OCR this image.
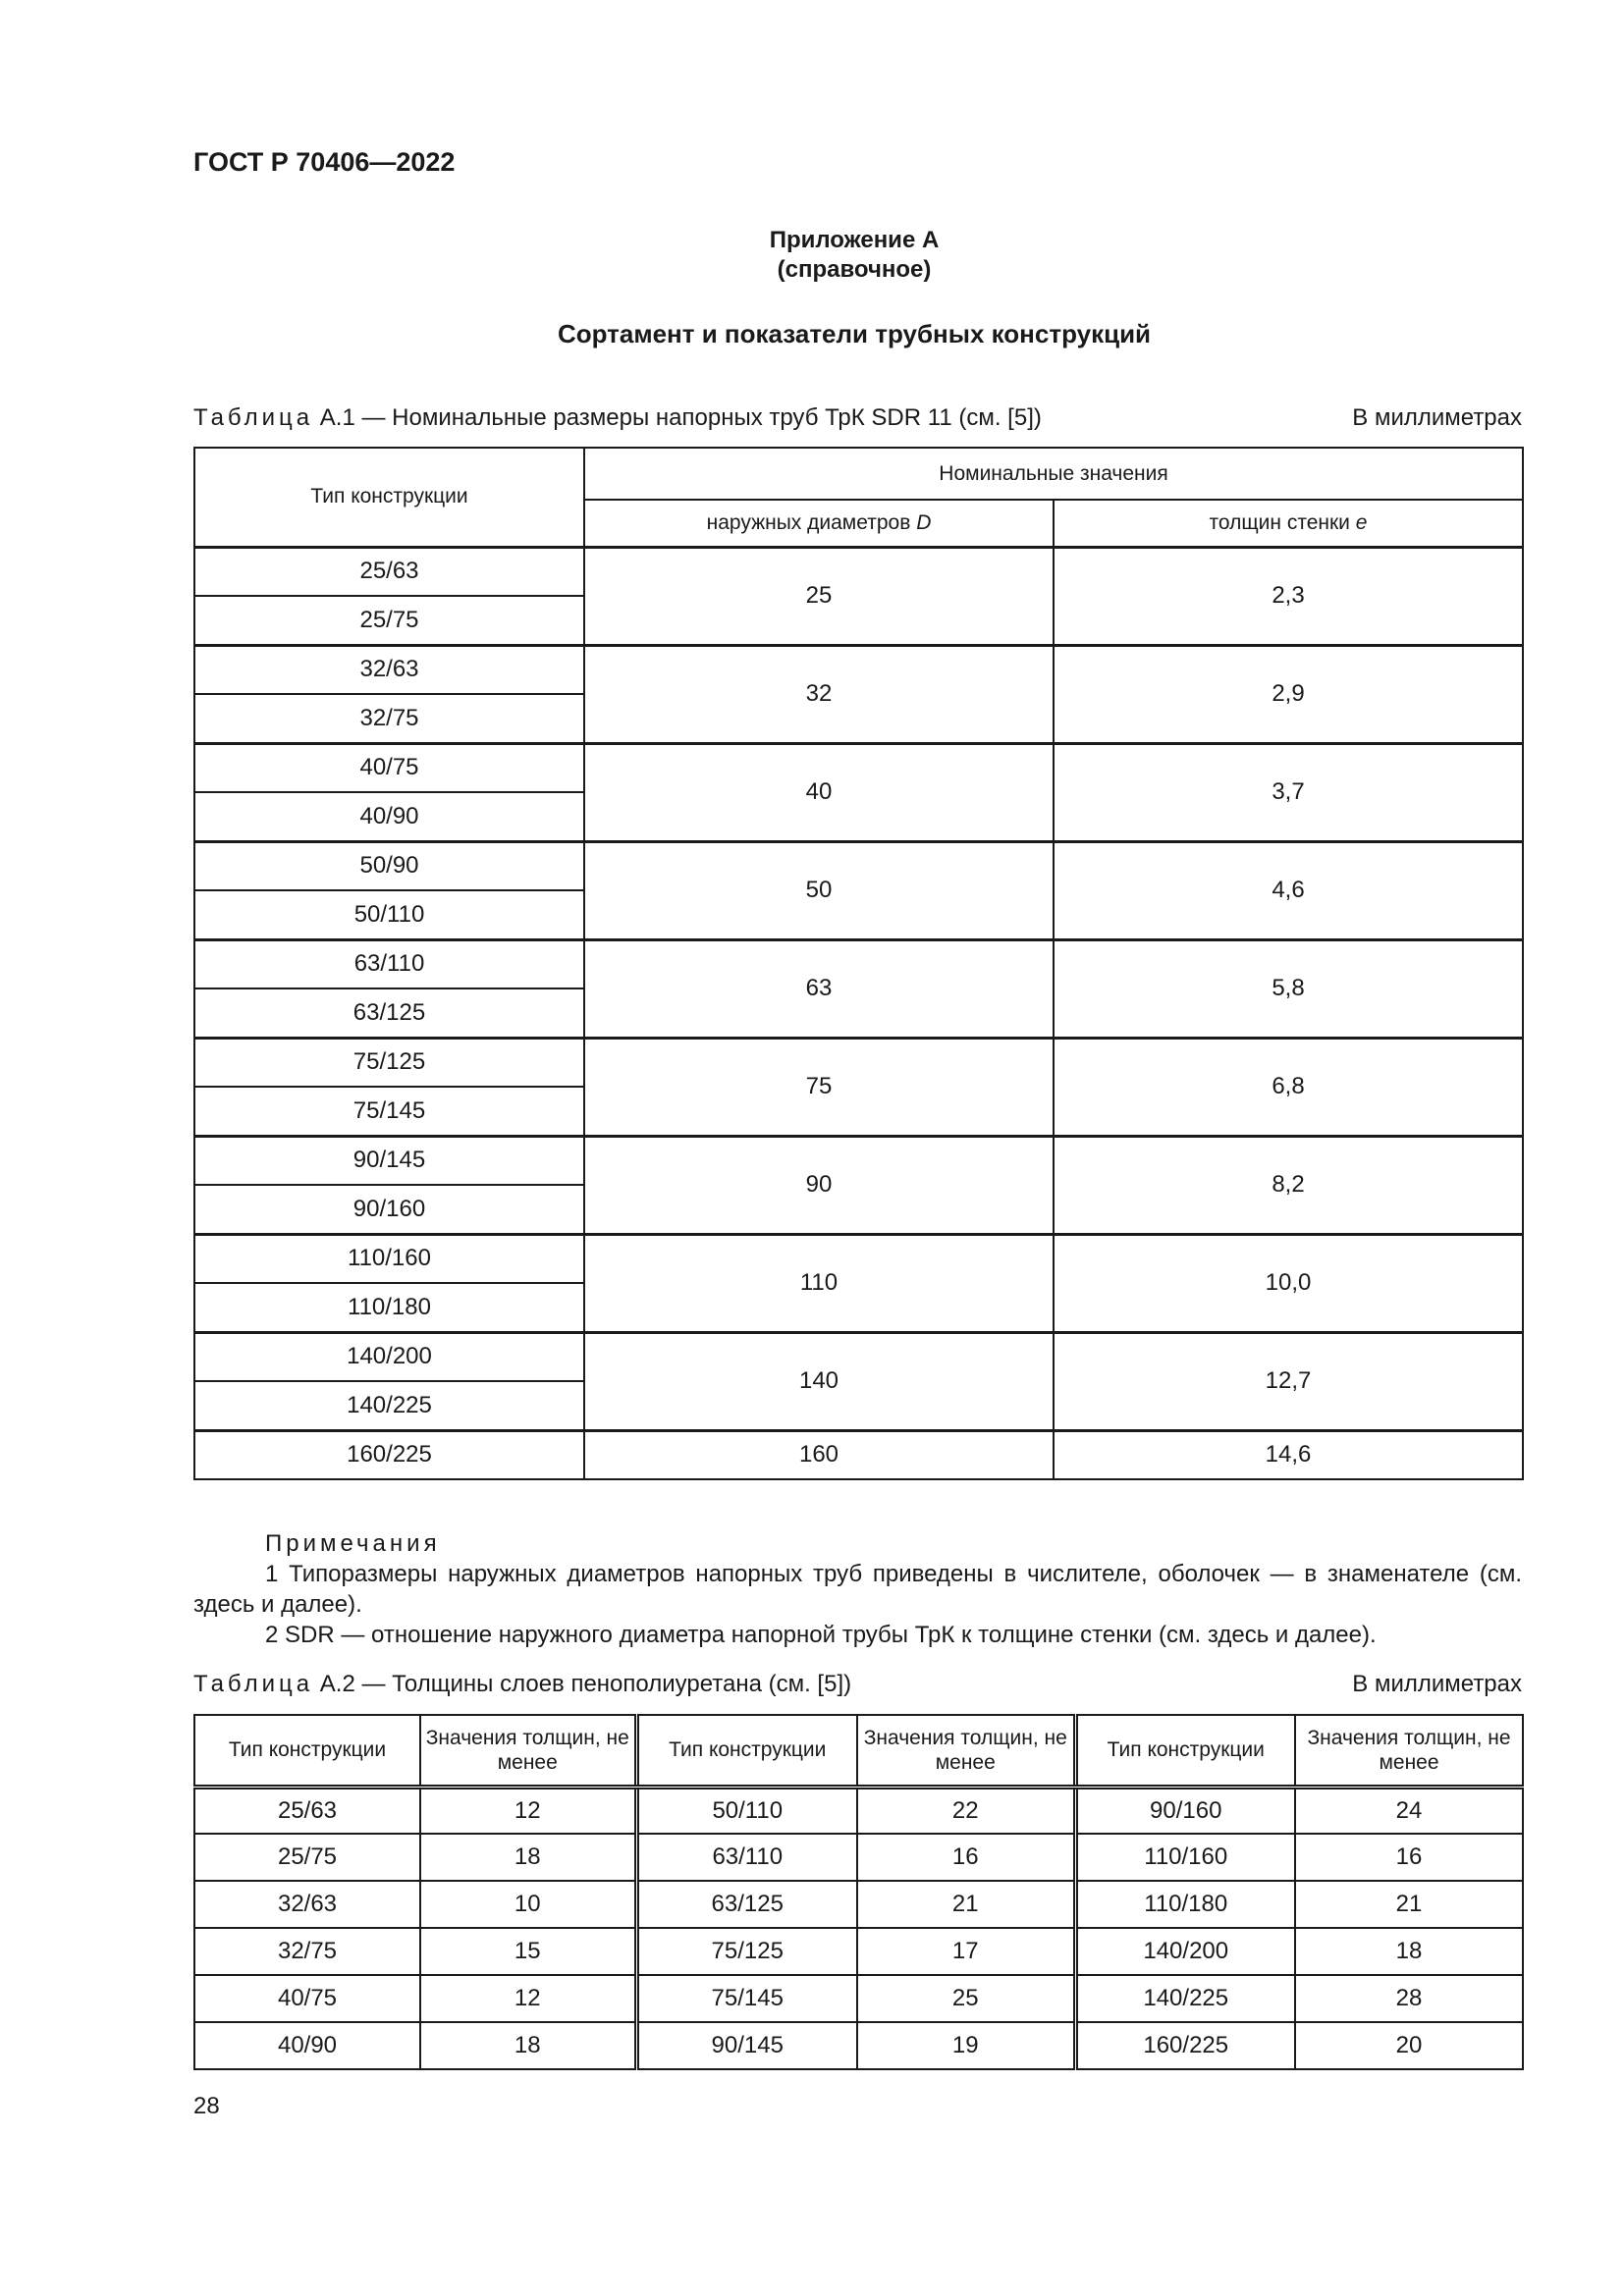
ГОСТ Р 70406—2022
Приложение А
(справочное)
Сортамент и показатели трубных конструкций
Таблица А.1 — Номинальные размеры напорных труб ТрК SDR 11 (см. [5])	В миллиметрах
Тип конструкции	Номинальные значения	
	наружных диаметров D	толщин стенки e
25/63	25	2,3
25/75		
32/63	32	2,9
32/75		
40/75	40	3,7
40/90		
50/90	50	4,6
50/110		
63/110	63	5,8
63/125		
75/125	75	6,8
75/145		
90/145	90	8,2
90/160		
110/160	110	10,0
110/180		
140/200	140	12,7
140/225		
160/225	160	14,6
Примечания
1 Типоразмеры наружных диаметров напорных труб приведены в числителе, оболочек — в знаменателе (см. здесь и далее).
2 SDR — отношение наружного диаметра напорной трубы ТрК к толщине стенки (см. здесь и далее).
Таблица А.2 — Толщины слоев пенополиуретана (см. [5])	В миллиметрах
Тип конструкции	Значения толщин, не менее	Тип конструкции	Значения толщин, не менее	Тип конструкции	Значения толщин, не менее
25/63	12	50/110	22	90/160	24
25/75	18	63/110	16	110/160	16
32/63	10	63/125	21	110/180	21
32/75	15	75/125	17	140/200	18
40/75	12	75/145	25	140/225	28
40/90	18	90/145	19	160/225	20
28
